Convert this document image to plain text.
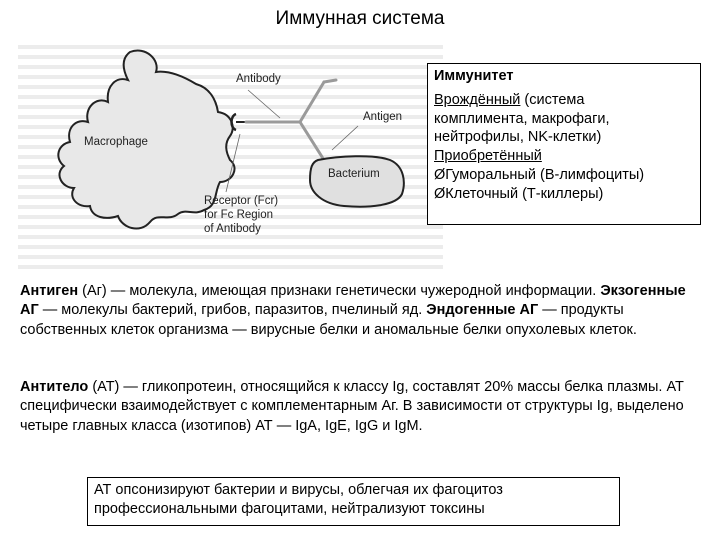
Иммунная система
Antibody
Antigen
Macrophage
Bacterium
Receptor (Fcr)
for Fc Region
of Antibody
Иммунитет
Врождённый (система
комплимента, макрофаги,
нейтрофилы, NK-клетки)
Приобретённый
ØГуморальный (В-лимфоциты)
ØКлеточный (Т-киллеры)
Антиген (Аг) — молекула, имеющая признаки генетически чужеродной информации. Экзогенные АГ — молекулы бактерий, грибов, паразитов, пчелиный яд. Эндогенные АГ — продукты собственных клеток организма — вирусные белки и аномальные белки опухолевых клеток.
Антитело (АТ) — гликопротеин, относящийся к классу Ig, составлят 20% массы белка плазмы. АТ специфически взаимодействует с комплементарным Аг. В зависимости от структуры Ig, выделено четыре главных класса (изотипов) АТ — IgA, IgE, IgG и IgM.
АТ опсонизируют бактерии и вирусы, облегчая их фагоцитоз профессиональными фагоцитами, нейтрализуют токсины
